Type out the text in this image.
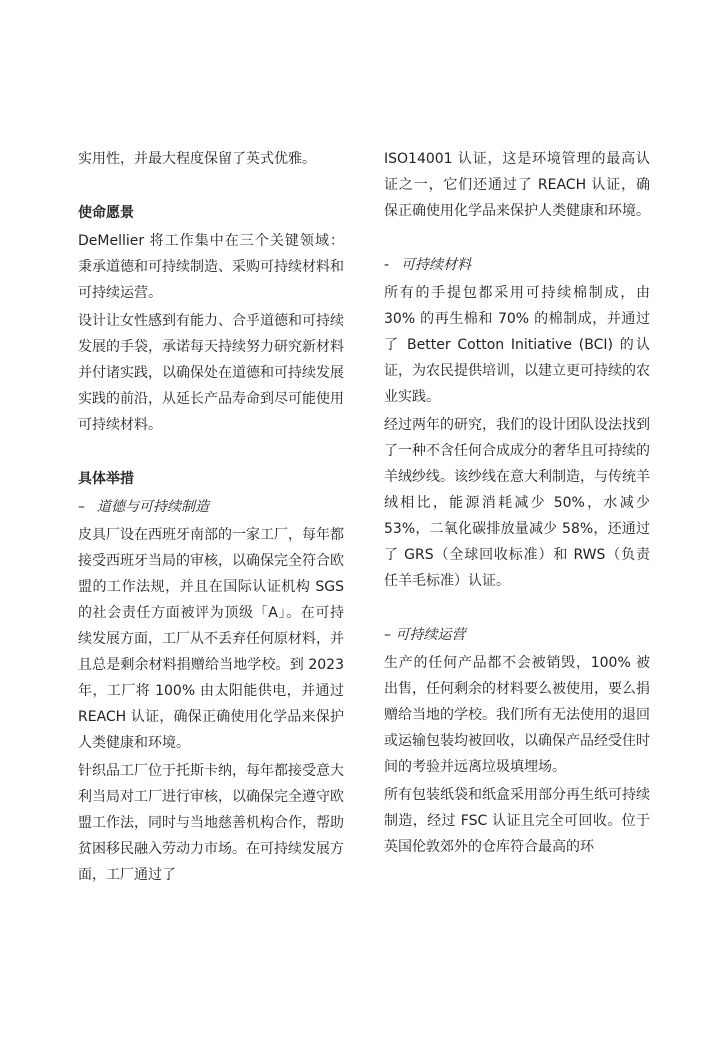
实用性，并最大程度保留了英式优雅。

使命愿景

DeMellier 将工作集中在三个关键领域：秉承道德和可持续制造、采购可持续材料和可持续运营。

设计让女性感到有能力、合乎道德和可持续发展的手袋，承诺每天持续努力研究新材料并付诸实践，以确保处在道德和可持续发展实践的前沿，从延长产品寿命到尽可能使用可持续材料。

具体举措

– 道德与可持续制造

皮具厂设在西班牙南部的一家工厂，每年都接受西班牙当局的审核，以确保完全符合欧盟的工作法规，并且在国际认证机构 SGS 的社会责任方面被评为顶级「A」。在可持续发展方面，工厂从不丢弃任何原材料，并且总是剩余材料捐赠给当地学校。到 2023 年，工厂将 100% 由太阳能供电，并通过 REACH 认证，确保正确使用化学品来保护人类健康和环境。

针织品工厂位于托斯卡纳，每年都接受意大利当局对工厂进行审核，以确保完全遵守欧盟工作法，同时与当地慈善机构合作，帮助贫困移民融入劳动力市场。在可持续发展方面，工厂通过了

ISO14001 认证，这是环境管理的最高认证之一，它们还通过了 REACH 认证，确保正确使用化学品来保护人类健康和环境。

- 可持续材料

所有的手提包都采用可持续棉制成，由 30% 的再生棉和 70% 的棉制成，并通过了 Better Cotton Initiative (BCI) 的认证，为农民提供培训，以建立更可持续的农业实践。

经过两年的研究，我们的设计团队设法找到了一种不含任何合成成分的奢华且可持续的羊绒纱线。该纱线在意大利制造，与传统羊绒相比，能源消耗减少 50%，水减少 53%，二氧化碳排放量减少 58%，还通过了 GRS（全球回收标准）和 RWS（负责任羊毛标准）认证。

– 可持续运营

生产的任何产品都不会被销毁，100% 被出售，任何剩余的材料要么被使用，要么捐赠给当地的学校。我们所有无法使用的退回或运输包装均被回收，以确保产品经受住时间的考验并远离垃圾填埋场。

所有包装纸袋和纸盒采用部分再生纸可持续制造，经过 FSC 认证且完全可回收。位于英国伦敦郊外的仓库符合最高的环
